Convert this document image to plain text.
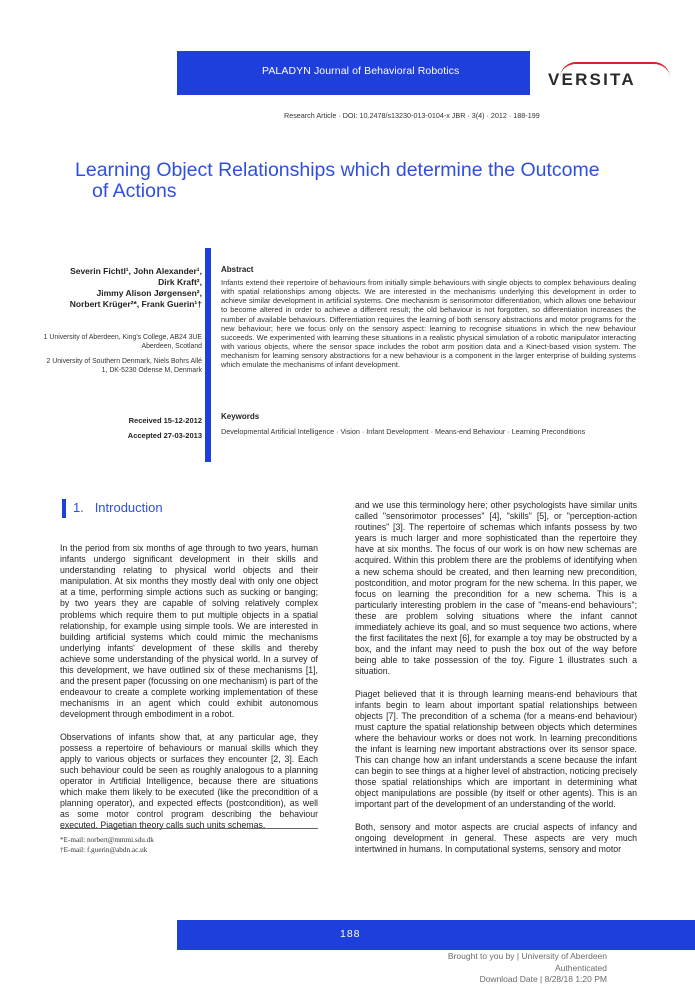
PALADYN Journal of Behavioral Robotics	VERSITA
Research Article · DOI: 10.2478/s13230-013-0104-x JBR · 3(4) · 2012 · 188-199
Learning Object Relationships which determine the Outcome
of Actions
Severin Fichtl¹, John Alexander¹,
Dirk Kraft²,
Jimmy Alison Jørgensen²,
Norbert Krüger²*, Frank Guerin¹†

1 University of Aberdeen, King's College, AB24 3UE Aberdeen, Scotland

2 University of Southern Denmark, Niels Bohrs Allé 1, DK-5230 Odense M, Denmark

Received 15-12-2012
Accepted 27-03-2013
Abstract
Infants extend their repertoire of behaviours from initially simple behaviours with single objects to complex behaviours dealing with spatial relationships among objects. We are interested in the mechanisms underlying this development in order to achieve similar development in artificial systems. One mechanism is sensorimotor differentiation, which allows one behaviour to become altered in order to achieve a different result; the old behaviour is not forgotten, so differentiation increases the number of available behaviours. Differentiation requires the learning of both sensory abstractions and motor programs for the new behaviour; here we focus only on the sensory aspect: learning to recognise situations in which the new behaviour succeeds. We experimented with learning these situations in a realistic physical simulation of a robotic manipulator interacting with various objects, where the sensor space includes the robot arm position data and a Kinect-based vision system. The mechanism for learning sensory abstractions for a new behaviour is a component in the larger enterprise of building systems which emulate the mechanisms of infant development.
Keywords
Developmental Artificial Intelligence · Vision · Infant Development · Means-end Behaviour · Learning Preconditions
1. Introduction

In the period from six months of age through to two years, human infants undergo significant development in their skills and understanding relating to physical world objects and their manipulation. At six months they mostly deal with only one object at a time, performing simple actions such as sucking or banging; by two years they are capable of solving relatively complex problems which require them to put multiple objects in a spatial relationship, for example using simple tools. We are interested in building artificial systems which could mimic the mechanisms underlying infants' development of these skills and thereby achieve some understanding of the physical world. In a survey of this development, we have outlined six of these mechanisms [1], and the present paper (focussing on one mechanism) is part of the endeavour to create a complete working implementation of these mechanisms in an agent which could exhibit autonomous development through embodiment in a robot.

Observations of infants show that, at any particular age, they possess a repertoire of behaviours or manual skills which they apply to various objects or surfaces they encounter [2, 3]. Each such behaviour could be seen as roughly analogous to a planning operator in Artificial Intelligence, because there are situations which make them likely to be executed (like the precondition of a planning operator), and expected effects (postcondition), as well as some motor control program describing the behaviour executed. Piagetian theory calls such units schemas,

and we use this terminology here; other psychologists have similar units called "sensorimotor processes" [4], "skills" [5], or "perception-action routines" [3]. The repertoire of schemas which infants possess by two years is much larger and more sophisticated than the repertoire they have at six months. The focus of our work is on how new schemas are acquired. Within this problem there are the problems of identifying when a new schema should be created, and then learning new precondition, postcondition, and motor program for the new schema. In this paper, we focus on learning the precondition for a new schema. This is a particularly interesting problem in the case of "means-end behaviours"; these are problem solving situations where the infant cannot immediately achieve its goal, and so must sequence two actions, where the first facilitates the next [6], for example a toy may be obstructed by a box, and the infant may need to push the box out of the way before being able to take possession of the toy. Figure 1 illustrates such a situation.

Piaget believed that it is through learning means-end behaviours that infants begin to learn about important spatial relationships between objects [7]. The precondition of a schema (for a means-end behaviour) must capture the spatial relationship between objects which determines where the behaviour works or does not work. In learning preconditions the infant is learning new important abstractions over its sensor space. This can change how an infant understands a scene because the infant can begin to see things at a higher level of abstraction, noticing precisely those spatial relationships which are important in determining what object manipulations are possible (by itself or other agents). This is an important part of the development of an understanding of the world.

Both, sensory and motor aspects are crucial aspects of infancy and ongoing development in general. These aspects are very much intertwined in humans. In computational systems, sensory and motor

*E-mail: norbert@mmmi.sdu.dk
†E-mail: f.guerin@abdn.ac.uk
188
Brought to you by | University of Aberdeen
Authenticated
Download Date | 8/28/18 1:20 PM
